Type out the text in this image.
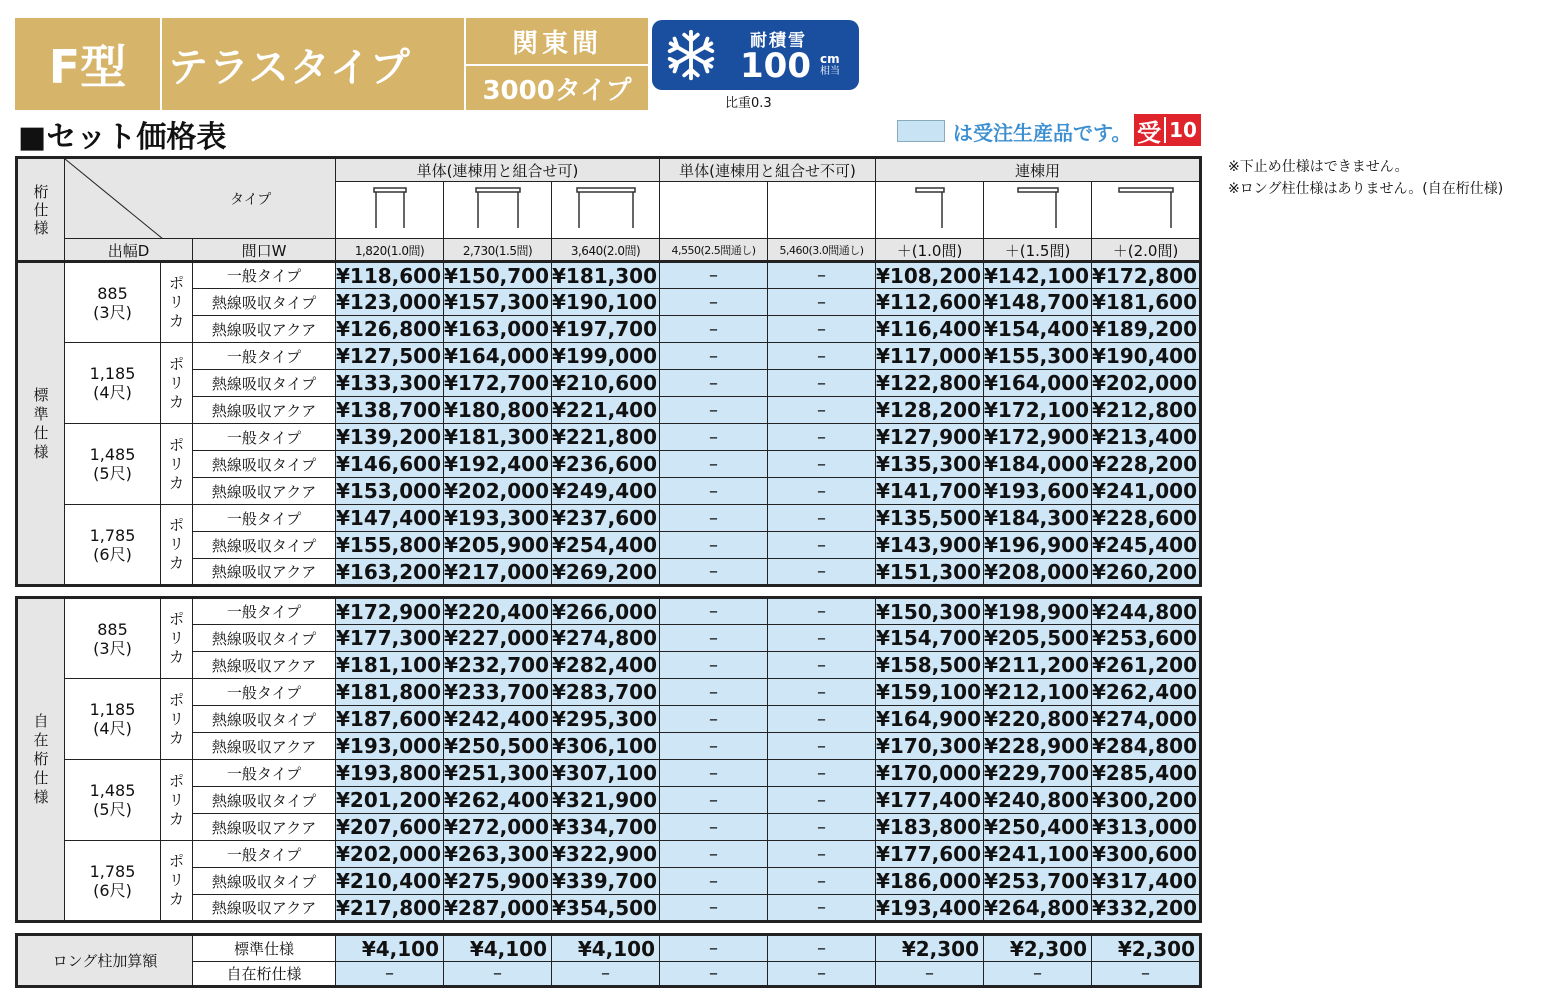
F型	テラスタイプ
関東間
3000タイプ
耐積雪
100 cm
相当
比重0.3
■セット価格表	は受注生産品です。 受 10
※下止め仕様はできません。
※ロング柱仕様はありません。(自在桁仕様)
桁
仕
様	タイプ		単体(連棟用と組合せ可)			単体(連棟用と組合せ不可)		連棟用		

	出幅D	間口W	1,820(1.0間)	2,730(1.5間)	3,640(2.0間)	4,550(2.5間通し)	5,460(3.0間通し)	＋(1.0間)	＋(1.5間)	＋(2.0間)
標準仕様	885
(3尺)	ポリカ	一般タイプ	¥118,600	¥150,700	¥181,300	–	–	¥108,200	¥142,100	¥172,800
			熱線吸収タイプ	¥123,000	¥157,300	¥190,100	–	–	¥112,600	¥148,700	¥181,600
			熱線吸収アクア	¥126,800	¥163,000	¥197,700	–	–	¥116,400	¥154,400	¥189,200

	1,185
(4尺)	ポリカ	一般タイプ	¥127,500	¥164,000	¥199,000	–	–	¥117,000	¥155,300	¥190,400
			熱線吸収タイプ	¥133,300	¥172,700	¥210,600	–	–	¥122,800	¥164,000	¥202,000
			熱線吸収アクア	¥138,700	¥180,800	¥221,400	–	–	¥128,200	¥172,100	¥212,800

	1,485
(5尺)	ポリカ	一般タイプ	¥139,200	¥181,300	¥221,800	–	–	¥127,900	¥172,900	¥213,400
			熱線吸収タイプ	¥146,600	¥192,400	¥236,600	–	–	¥135,300	¥184,000	¥228,200
			熱線吸収アクア	¥153,000	¥202,000	¥249,400	–	–	¥141,700	¥193,600	¥241,000

	1,785
(6尺)	ポリカ	一般タイプ	¥147,400	¥193,300	¥237,600	–	–	¥135,500	¥184,300	¥228,600
			熱線吸収タイプ	¥155,800	¥205,900	¥254,400	–	–	¥143,900	¥196,900	¥245,400
			熱線吸収アクア	¥163,200	¥217,000	¥269,200	–	–	¥151,300	¥208,000	¥260,200
自在桁仕様	885
(3尺)	ポリカ	一般タイプ	¥172,900	¥220,400	¥266,000	–	–	¥150,300	¥198,900	¥244,800
			熱線吸収タイプ	¥177,300	¥227,000	¥274,800	–	–	¥154,700	¥205,500	¥253,600
			熱線吸収アクア	¥181,100	¥232,700	¥282,400	–	–	¥158,500	¥211,200	¥261,200

	1,185
(4尺)	ポリカ	一般タイプ	¥181,800	¥233,700	¥283,700	–	–	¥159,100	¥212,100	¥262,400
			熱線吸収タイプ	¥187,600	¥242,400	¥295,300	–	–	¥164,900	¥220,800	¥274,000
			熱線吸収アクア	¥193,000	¥250,500	¥306,100	–	–	¥170,300	¥228,900	¥284,800

	1,485
(5尺)	ポリカ	一般タイプ	¥193,800	¥251,300	¥307,100	–	–	¥170,000	¥229,700	¥285,400
			熱線吸収タイプ	¥201,200	¥262,400	¥321,900	–	–	¥177,400	¥240,800	¥300,200
			熱線吸収アクア	¥207,600	¥272,000	¥334,700	–	–	¥183,800	¥250,400	¥313,000

	1,785
(6尺)	ポリカ	一般タイプ	¥202,000	¥263,300	¥322,900	–	–	¥177,600	¥241,100	¥300,600
			熱線吸収タイプ	¥210,400	¥275,900	¥339,700	–	–	¥186,000	¥253,700	¥317,400
			熱線吸収アクア	¥217,800	¥287,000	¥354,500	–	–	¥193,400	¥264,800	¥332,200
ロング柱加算額	標準仕様	¥4,100	¥4,100	¥4,100	–	–	¥2,300	¥2,300	¥2,300
	自在桁仕様	–	–	–	–	–	–	–	–
